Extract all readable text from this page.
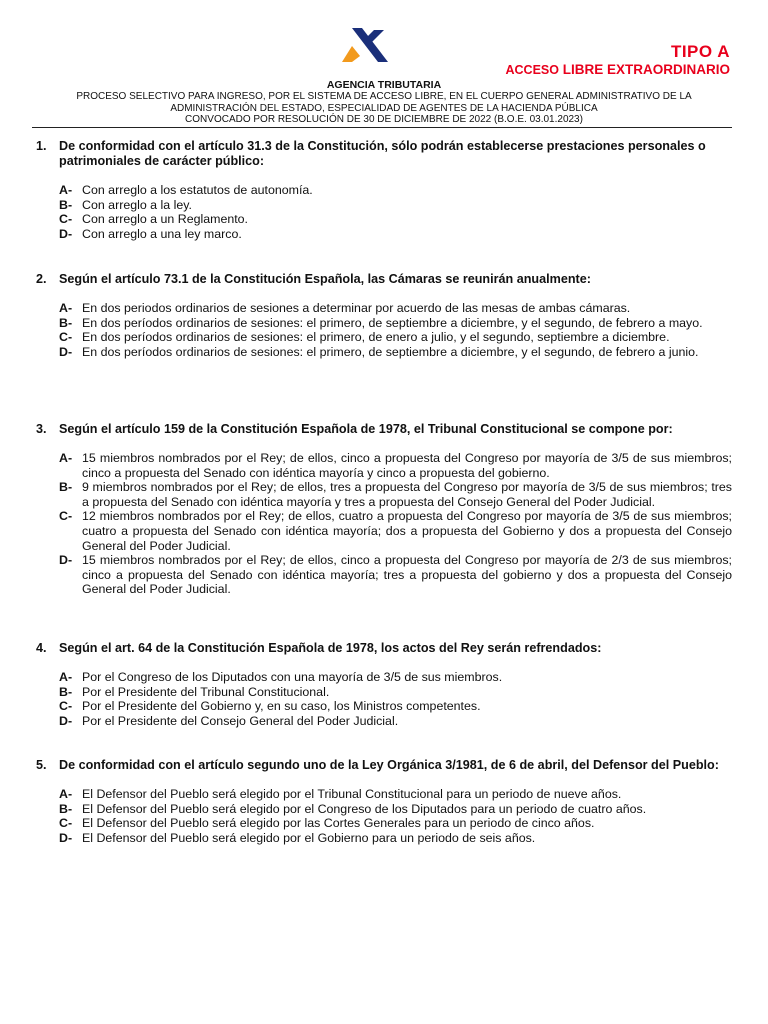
TIPO A
ACCESO LIBRE EXTRAORDINARIO
AGENCIA TRIBUTARIA
PROCESO SELECTIVO PARA INGRESO, POR EL SISTEMA DE ACCESO LIBRE, EN EL CUERPO GENERAL ADMINISTRATIVO DE LA
ADMINISTRACIÓN DEL ESTADO, ESPECIALIDAD DE AGENTES DE LA HACIENDA PÚBLICA
CONVOCADO POR RESOLUCIÓN DE 30 DE DICIEMBRE DE 2022 (B.O.E. 03.01.2023)
1. De conformidad con el artículo 31.3 de la Constitución, sólo podrán establecerse prestaciones personales o patrimoniales de carácter público:
A- Con arreglo a los estatutos de autonomía.
B- Con arreglo a la ley.
C- Con arreglo a un Reglamento.
D- Con arreglo a una ley marco.
2. Según el artículo 73.1 de la Constitución Española, las Cámaras se reunirán anualmente:
A- En dos periodos ordinarios de sesiones a determinar por acuerdo de las mesas de ambas cámaras.
B- En dos períodos ordinarios de sesiones: el primero, de septiembre a diciembre, y el segundo, de febrero a mayo.
C- En dos períodos ordinarios de sesiones: el primero, de enero a julio, y el segundo, septiembre a diciembre.
D- En dos períodos ordinarios de sesiones: el primero, de septiembre a diciembre, y el segundo, de febrero a junio.
3. Según el artículo 159 de la Constitución Española de 1978, el Tribunal Constitucional se compone por:
A- 15 miembros nombrados por el Rey; de ellos, cinco a propuesta del Congreso por mayoría de 3/5 de sus miembros; cinco a propuesta del Senado con idéntica mayoría y cinco a propuesta del gobierno.
B- 9 miembros nombrados por el Rey; de ellos, tres a propuesta del Congreso por mayoría de 3/5 de sus miembros; tres a propuesta del Senado con idéntica mayoría y tres a propuesta del Consejo General del Poder Judicial.
C- 12 miembros nombrados por el Rey; de ellos, cuatro a propuesta del Congreso por mayoría de 3/5 de sus miembros; cuatro a propuesta del Senado con idéntica mayoría; dos a propuesta del Gobierno y dos a propuesta del Consejo General del Poder Judicial.
D- 15 miembros nombrados por el Rey; de ellos, cinco a propuesta del Congreso por mayoría de 2/3 de sus miembros; cinco a propuesta del Senado con idéntica mayoría; tres a propuesta del gobierno y dos a propuesta del Consejo General del Poder Judicial.
4. Según el art. 64 de la Constitución Española de 1978, los actos del Rey serán refrendados:
A- Por el Congreso de los Diputados con una mayoría de 3/5 de sus miembros.
B- Por el Presidente del Tribunal Constitucional.
C- Por el Presidente del Gobierno y, en su caso, los Ministros competentes.
D- Por el Presidente del Consejo General del Poder Judicial.
5. De conformidad con el artículo segundo uno de la Ley Orgánica 3/1981, de 6 de abril, del Defensor del Pueblo:
A- El Defensor del Pueblo será elegido por el Tribunal Constitucional para un periodo de nueve años.
B- El Defensor del Pueblo será elegido por el Congreso de los Diputados para un periodo de cuatro años.
C- El Defensor del Pueblo será elegido por las Cortes Generales para un periodo de cinco años.
D- El Defensor del Pueblo será elegido por el Gobierno para un periodo de seis años.
